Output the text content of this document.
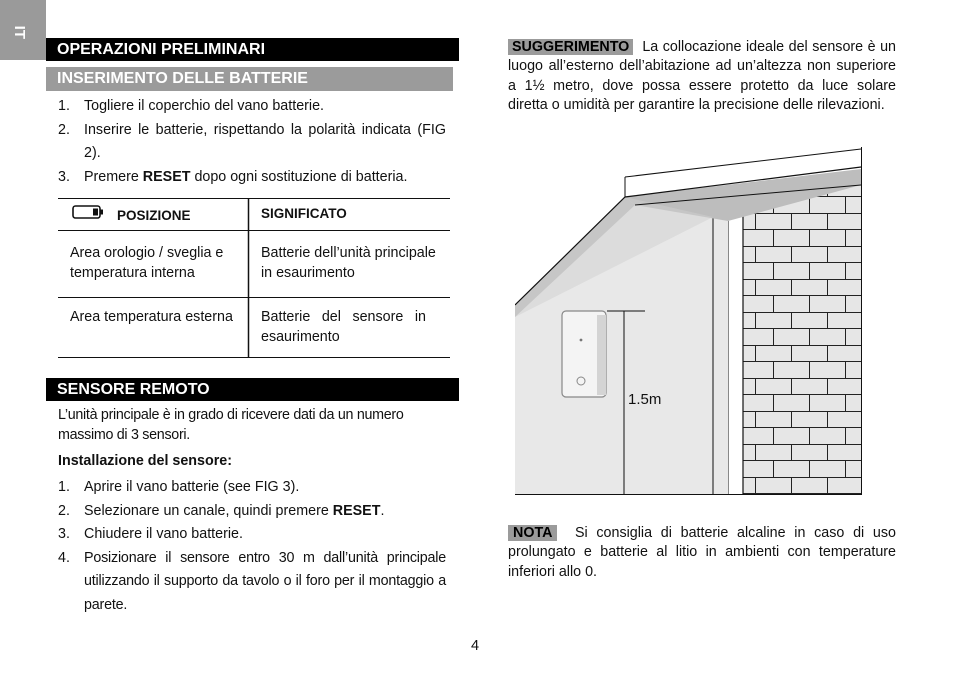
IT
OPERAZIONI PRELIMINARI
INSERIMENTO DELLE BATTERIE
1. Togliere il coperchio del vano batterie.
2. Inserire le batterie, rispettando la polarità indicata (FIG 2).
3. Premere RESET dopo ogni sostituzione di batteria.
POSIZIONE	SIGNIFICATO
Area orologio / sveglia e temperatura interna
Batterie dell’unità principale in esaurimento
Area temperatura esterna	Batterie del sensore in esaurimento
SENSORE REMOTO
L’unità principale è in grado di ricevere dati da un numero massimo di 3 sensori.
Installazione del sensore:
1. Aprire il vano batterie (see FIG 3).
2. Selezionare un canale, quindi premere RESET.
3. Chiudere il vano batterie.
4. Posizionare il sensore entro 30 m dall’unità principale utilizzando il supporto da tavolo o il foro per il montaggio a parete.
SUGGERIMENTO La collocazione ideale del sensore è un luogo all’esterno dell’abitazione ad un’altezza non superiore a 1½ metro, dove possa essere protetto da luce solare diretta o umidità per garantire la precisione delle rilevazioni.
1.5m
NOTA Si consiglia di batterie alcaline in caso di uso prolungato e batterie al litio in ambienti con temperature inferiori allo 0.
4
